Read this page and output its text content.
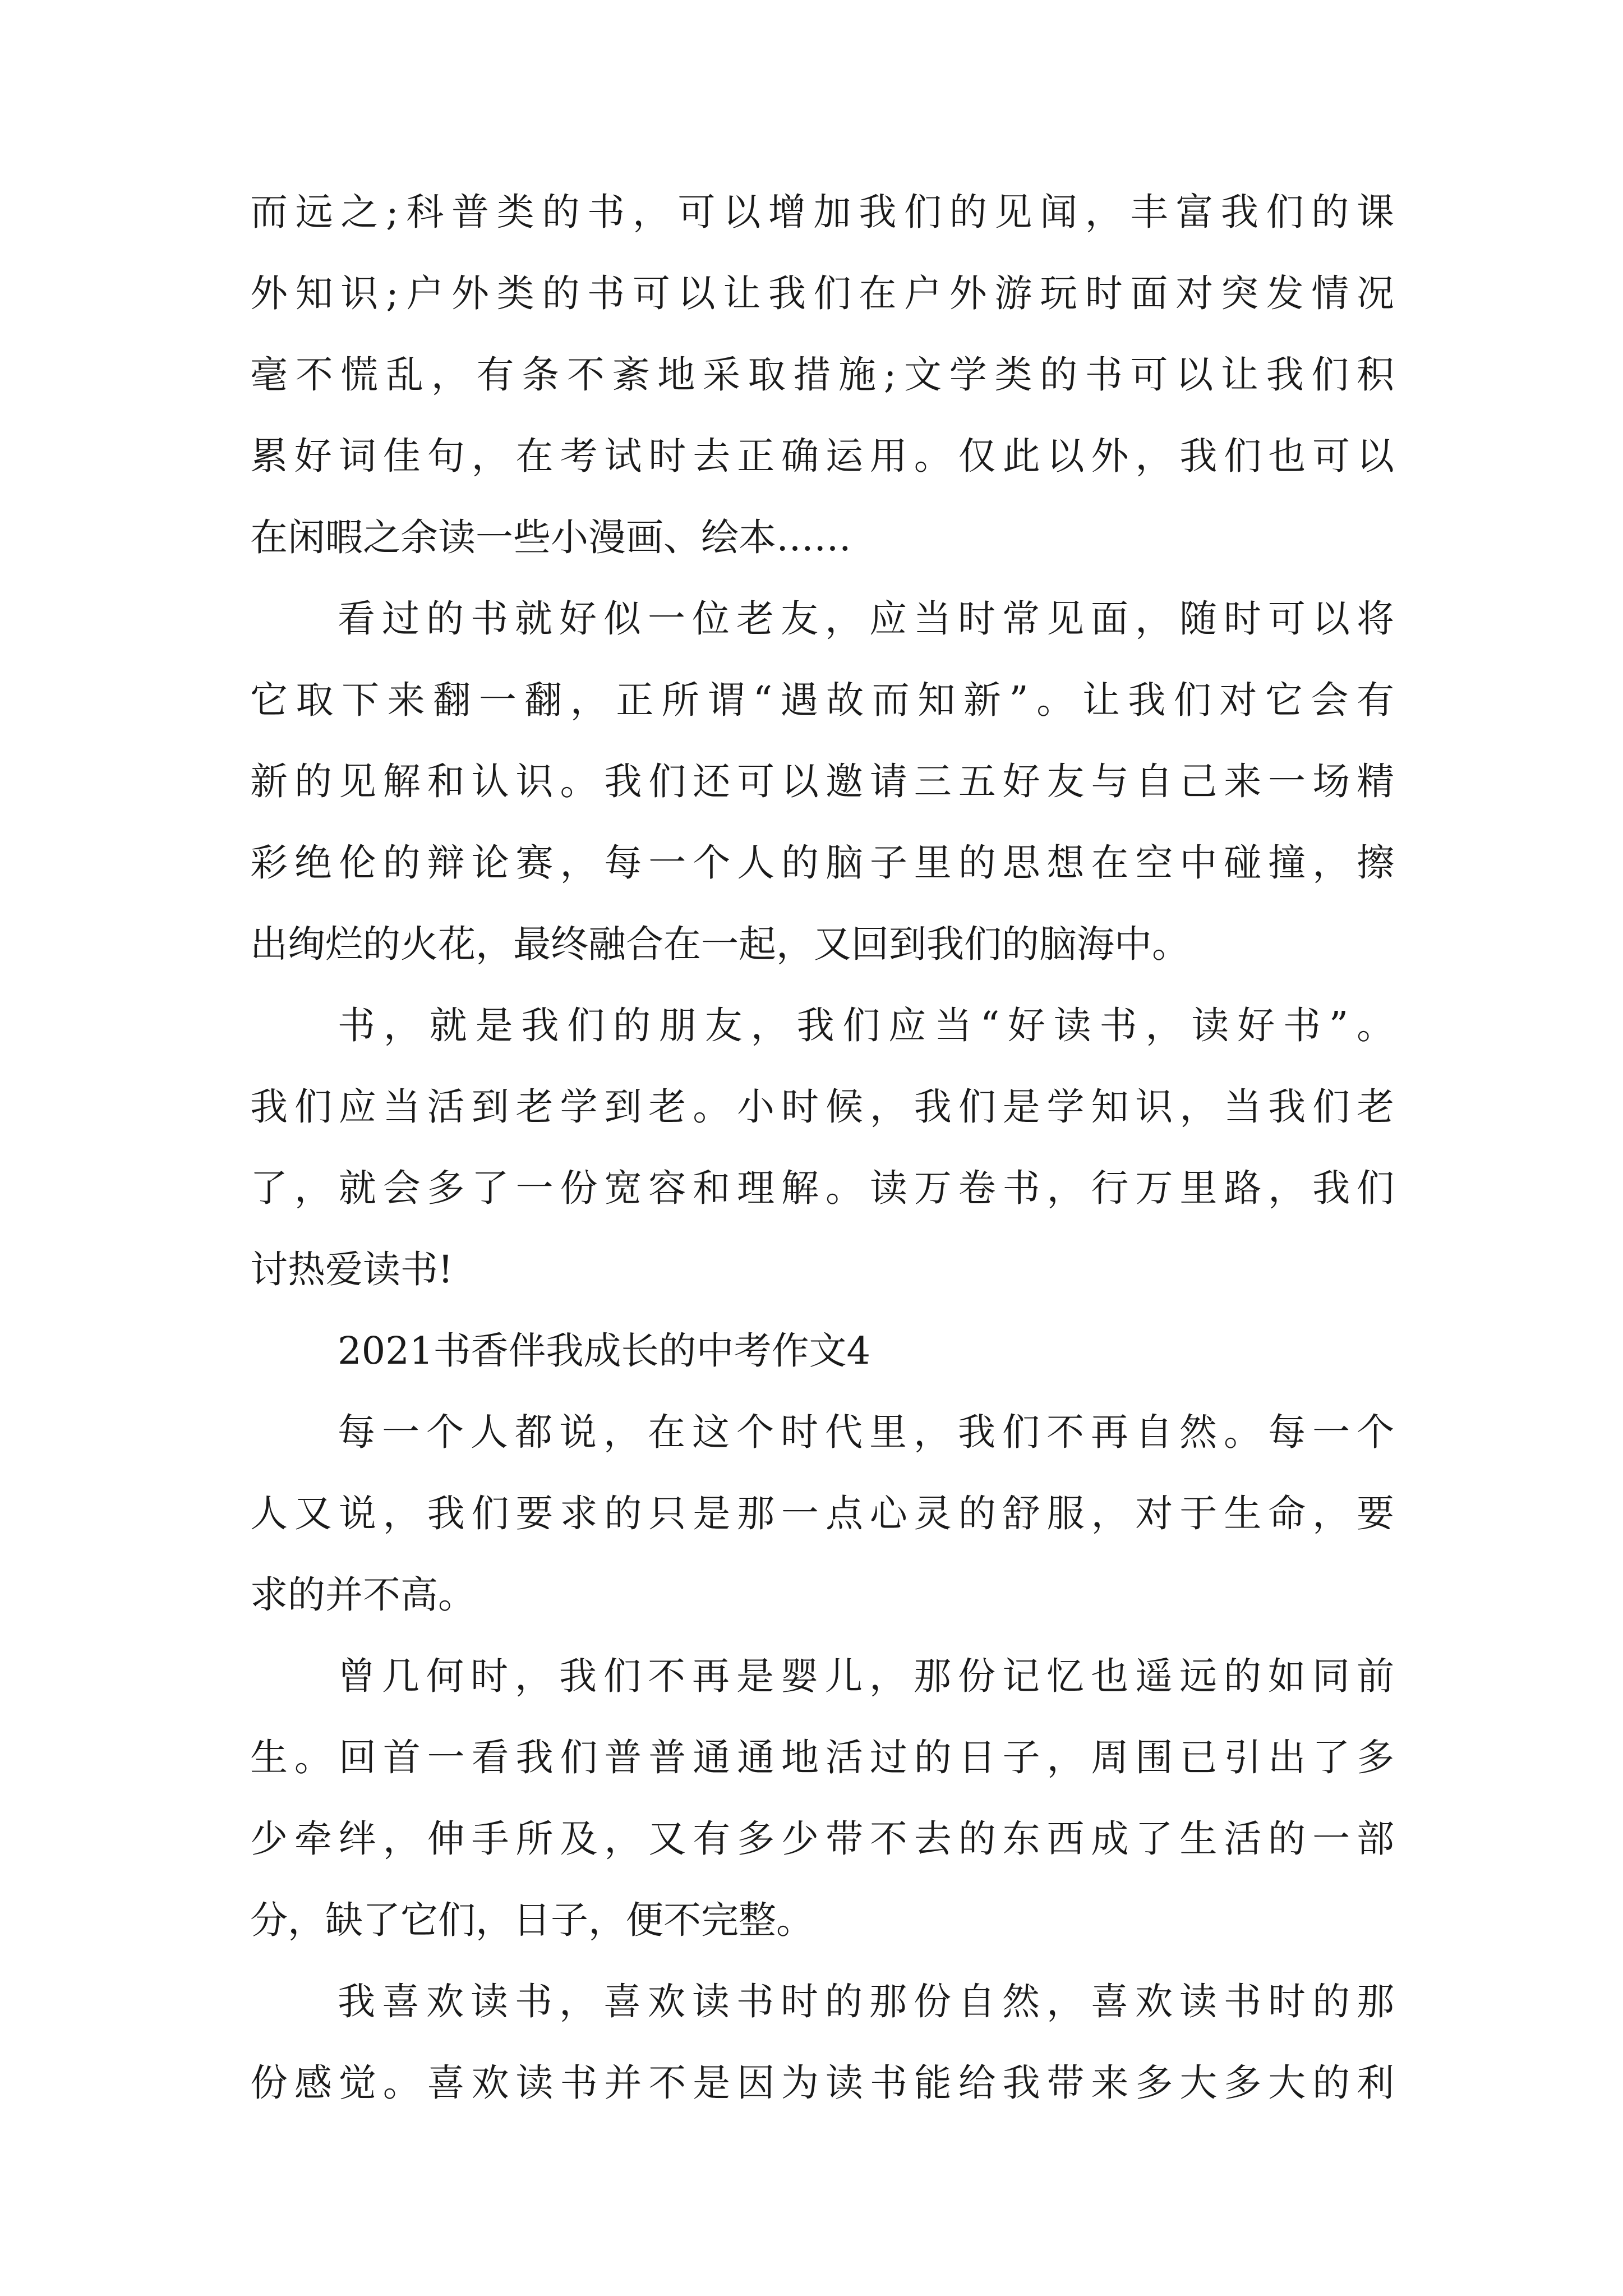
而远之;科普类的书，可以增加我们的见闻，丰富我们的课
外知识;户外类的书可以让我们在户外游玩时面对突发情况
毫不慌乱，有条不紊地采取措施;文学类的书可以让我们积
累好词佳句，在考试时去正确运用。仅此以外，我们也可以
在闲暇之余读一些小漫画、绘本……
看过的书就好似一位老友，应当时常见面，随时可以将
它取下来翻一翻，正所谓“遇故而知新”。让我们对它会有
新的见解和认识。我们还可以邀请三五好友与自己来一场精
彩绝伦的辩论赛，每一个人的脑子里的思想在空中碰撞，擦
出绚烂的火花，最终融合在一起，又回到我们的脑海中。
书，就是我们的朋友，我们应当“好读书，读好书”。
我们应当活到老学到老。小时候，我们是学知识，当我们老
了，就会多了一份宽容和理解。读万卷书，行万里路，我们
讨热爱读书!
2021书香伴我成长的中考作文4
每一个人都说，在这个时代里，我们不再自然。每一个
人又说，我们要求的只是那一点心灵的舒服，对于生命，要
求的并不高。
曾几何时，我们不再是婴儿，那份记忆也遥远的如同前
生。回首一看我们普普通通地活过的日子，周围已引出了多
少牵绊，伸手所及，又有多少带不去的东西成了生活的一部
分，缺了它们，日子，便不完整。
我喜欢读书，喜欢读书时的那份自然，喜欢读书时的那
份感觉。喜欢读书并不是因为读书能给我带来多大多大的利
